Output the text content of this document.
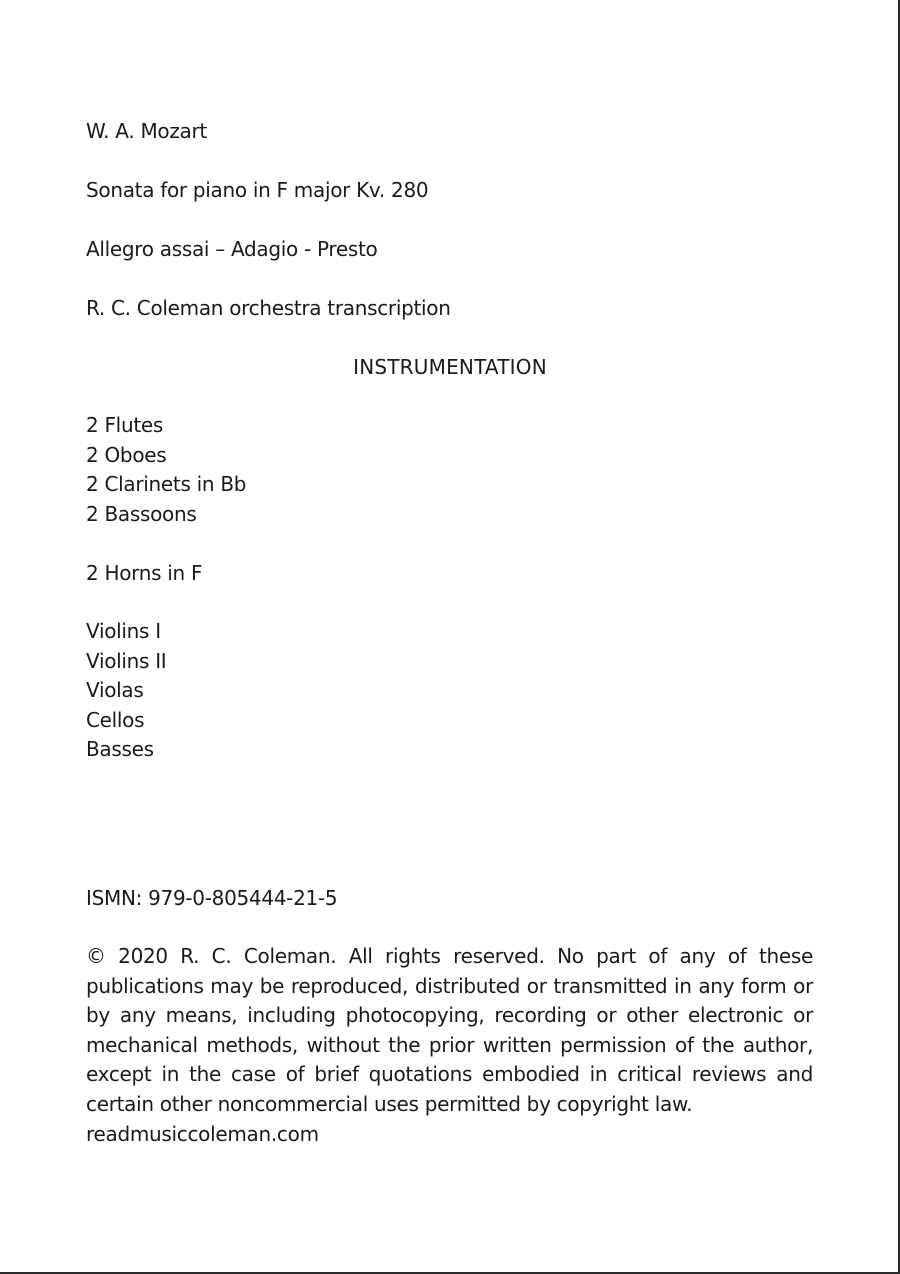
W. A. Mozart
Sonata for piano in F major Kv. 280
Allegro assai – Adagio - Presto
R. C. Coleman orchestra transcription
INSTRUMENTATION
2 Flutes
2 Oboes
2 Clarinets in Bb
2 Bassoons
2 Horns in F
Violins I
Violins II
Violas
Cellos
Basses
ISMN: 979-0-805444-21-5

© 2020 R. C. Coleman. All rights reserved. No part of any of these publications may be reproduced, distributed or transmitted in any form or by any means, including photocopying, recording or other electronic or mechanical methods, without the prior written permission of the author, except in the case of brief quotations embodied in critical reviews and certain other noncommercial uses permitted by copyright law.

readmusiccoleman.com
